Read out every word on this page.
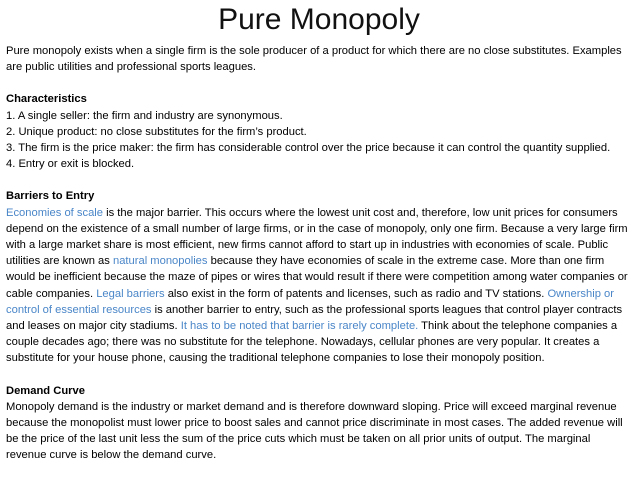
Pure Monopoly

Pure monopoly exists when a single firm is the sole producer of a product for which there are no close substitutes. Examples are public utilities and professional sports leagues.

Characteristics

1. A single seller: the firm and industry are synonymous.

2. Unique product: no close substitutes for the firm’s product.

3. The firm is the price maker: the firm has considerable control over the price because it can control the quantity supplied.

4. Entry or exit is blocked.

Barriers to Entry

Economies of scale is the major barrier. This occurs where the lowest unit cost and, therefore, low unit prices for consumers depend on the existence of a small number of large firms, or in the case of monopoly, only one firm. Because a very large firm with a large market share is most efficient, new firms cannot afford to start up in industries with economies of scale. Public utilities are known as natural monopolies because they have economies of scale in the extreme case. More than one firm would be inefficient because the maze of pipes or wires that would result if there were competition among water companies or cable companies. Legal barriers also exist in the form of patents and licenses, such as radio and TV stations. Ownership or control of essential resources is another barrier to entry, such as the professional sports leagues that control player contracts and leases on major city stadiums. It has to be noted that barrier is rarely complete. Think about the telephone companies a couple decades ago; there was no substitute for the telephone. Nowadays, cellular phones are very popular. It creates a substitute for your house phone, causing the traditional telephone companies to lose their monopoly position.

Demand Curve

Monopoly demand is the industry or market demand and is therefore downward sloping. Price will exceed marginal revenue because the monopolist must lower price to boost sales and cannot price discriminate in most cases. The added revenue will be the price of the last unit less the sum of the price cuts which must be taken on all prior units of output. The marginal revenue curve is below the demand curve.
